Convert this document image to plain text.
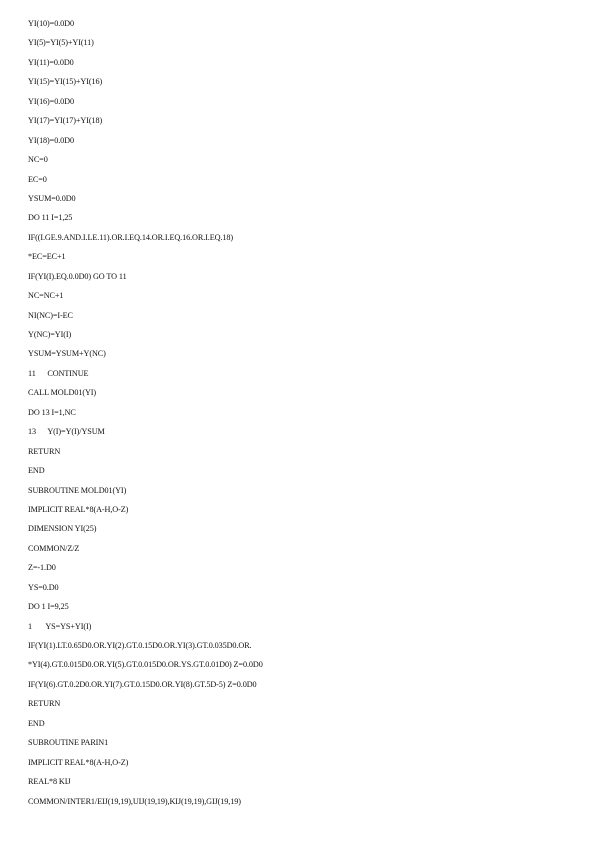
YI(10)=0.0D0
YI(5)=YI(5)+YI(11)
YI(11)=0.0D0
YI(15)=YI(15)+YI(16)
YI(16)=0.0D0
YI(17)=YI(17)+YI(18)
YI(18)=0.0D0
NC=0
EC=0
YSUM=0.0D0
DO 11 I=1,25
IF((I.GE.9.AND.I.LE.11).OR.I.EQ.14.OR.I.EQ.16.OR.I.EQ.18)
*EC=EC+1
IF(YI(I).EQ.0.0D0) GO TO 11
NC=NC+1
NI(NC)=I-EC
Y(NC)=YI(I)
YSUM=YSUM+Y(NC)
11      CONTINUE
CALL MOLD01(YI)
DO 13 I=1,NC
13      Y(I)=Y(I)/YSUM
RETURN
END
SUBROUTINE MOLD01(YI)
IMPLICIT REAL*8(A-H,O-Z)
DIMENSION YI(25)
COMMON/Z/Z
Z=-1.D0
YS=0.D0
DO 1 I=9,25
1       YS=YS+YI(I)
IF(YI(1).LT.0.65D0.OR.YI(2).GT.0.15D0.OR.YI(3).GT.0.035D0.OR.
*YI(4).GT.0.015D0.OR.YI(5).GT.0.015D0.OR.YS.GT.0.01D0) Z=0.0D0
IF(YI(6).GT.0.2D0.OR.YI(7).GT.0.15D0.OR.YI(8).GT.5D-5) Z=0.0D0
RETURN
END
SUBROUTINE PARIN1
IMPLICIT REAL*8(A-H,O-Z)
REAL*8 KIJ
COMMON/INTER1/EIJ(19,19),UIJ(19,19),KIJ(19,19),GIJ(19,19)
